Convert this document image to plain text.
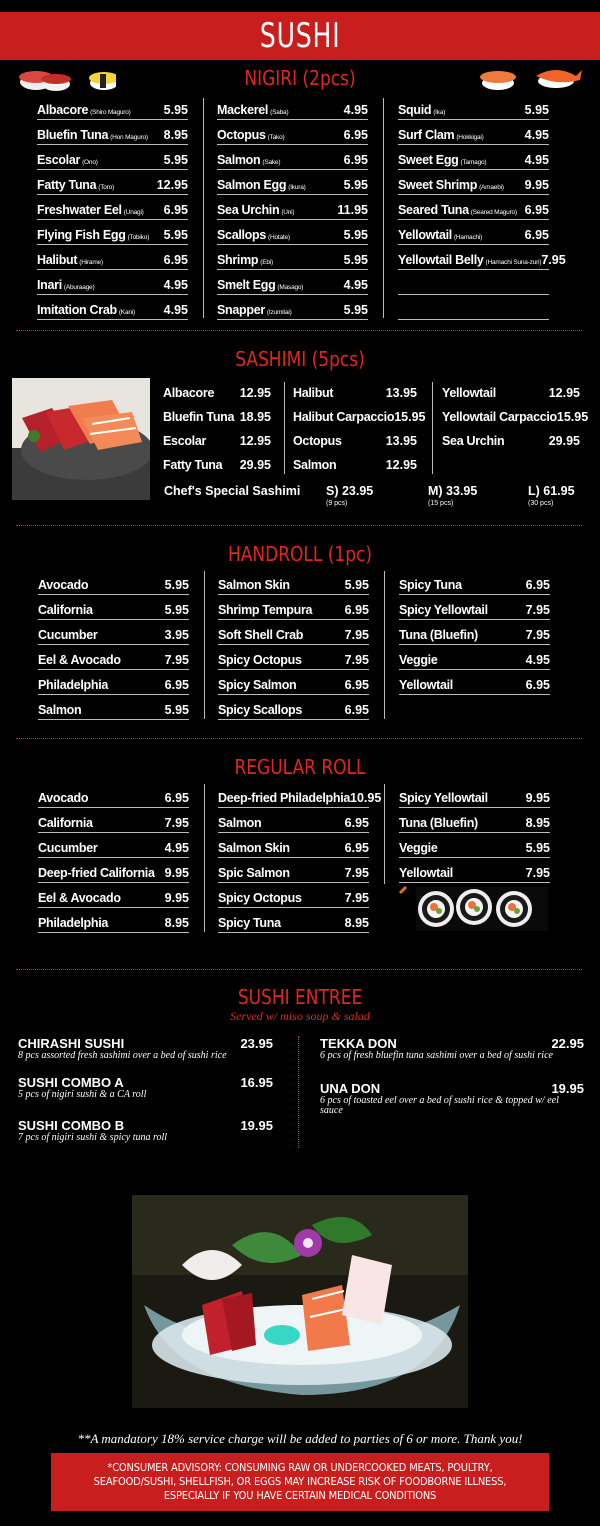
SUSHI
NIGIRI (2pcs)
Albacore (Shiro Maguro)	5.95
Bluefin Tuna (Hon Maguro) 8.95
Escolar (Ono)	5.95
Fatty Tuna (Toro)	12.95
Freshwater Eel (Unagi) 6.95
Flying Fish Egg (Tobiko) 5.95
Halibut (Hirame)	6.95
Inari (Aburaage)	4.95
Imitation Crab (Kani) 4.95
Mackerel (Saba)	4.95
Octopus (Tako)	6.95
Salmon (Sake)	6.95
Salmon Egg (Ikura)	5.95
Sea Urchin (Uni)	11.95
Scallops (Hotate)	5.95
Shrimp (Ebi)	5.95
Smelt Egg (Masago)	4.95
Snapper (Izumitai)	5.95
Squid (Ika)	5.95
Surf Clam (Hokkigai)	4.95
Sweet Egg (Tamago)	4.95
Sweet Shrimp (Amaebi) 9.95
Seared Tuna (Seared Maguro) 6.95
Yellowtail (Hamachi)	6.95
Yellowtail Belly (Hamachi Suna-zuri) 7.95
SASHIMI (5pcs)
Albacore 12.95
Bluefin Tuna 18.95
Escolar	12.95
Fatty Tuna 29.95
Halibut	13.95
Halibut Carpaccio 15.95
Octopus	13.95
Salmon	12.95
Yellowtail	12.95
Yellowtail Carpaccio 15.95
Sea Urchin	29.95
Chef's Special Sashimi S) 23.95
(9 pcs)
M) 33.95
(15 pcs)
L) 61.95
(30 pcs)
HANDROLL (1pc)
Avocado	5.95
California	5.95
Cucumber	3.95
Eel & Avocado	7.95
Philadelphia	6.95
Salmon	5.95
Salmon Skin	5.95
Shrimp Tempura	6.95
Soft Shell Crab	7.95
Spicy Octopus	7.95
Spicy Salmon	6.95
Spicy Scallops	6.95
Spicy Tuna	6.95
Spicy Yellowtail	7.95
Tuna (Bluefin)	7.95
Veggie	4.95
Yellowtail	6.95
REGULAR ROLL
Avocado	6.95
California	7.95
Cucumber	4.95
Deep-fried California 9.95
Eel & Avocado	9.95
Philadelphia	8.95
Deep-fried Philadelphia 10.95
Salmon	6.95
Salmon Skin	6.95
Spic Salmon	7.95
Spicy Octopus	7.95
Spicy Tuna	8.95
Spicy Yellowtail	9.95
Tuna (Bluefin)	8.95
Veggie	5.95
Yellowtail	7.95
SUSHI ENTREE
Served w/ miso soup & salad
CHIRASHI SUSHI	23.95
8 pcs assorted fresh sashimi over a bed of sushi rice
SUSHI COMBO A	16.95
5 pcs of nigiri sushi & a CA roll
SUSHI COMBO B	19.95
7 pcs of nigiri sushi & spicy tuna roll
TEKKA DON	22.95
6 pcs of fresh bluefin tuna sashimi over a bed of sushi rice
UNA DON	19.95
6 pcs of toasted eel over a bed of sushi rice & topped w/ eel sauce
**A mandatory 18% service charge will be added to parties of 6 or more. Thank you!
*CONSUMER ADVISORY: CONSUMING RAW OR UNDERCOOKED MEATS, POULTRY, SEAFOOD/SUSHI, SHELLFISH, OR EGGS MAY INCREASE RISK OF FOODBORNE ILLNESS, ESPECIALLY IF YOU HAVE CERTAIN MEDICAL CONDITIONS
